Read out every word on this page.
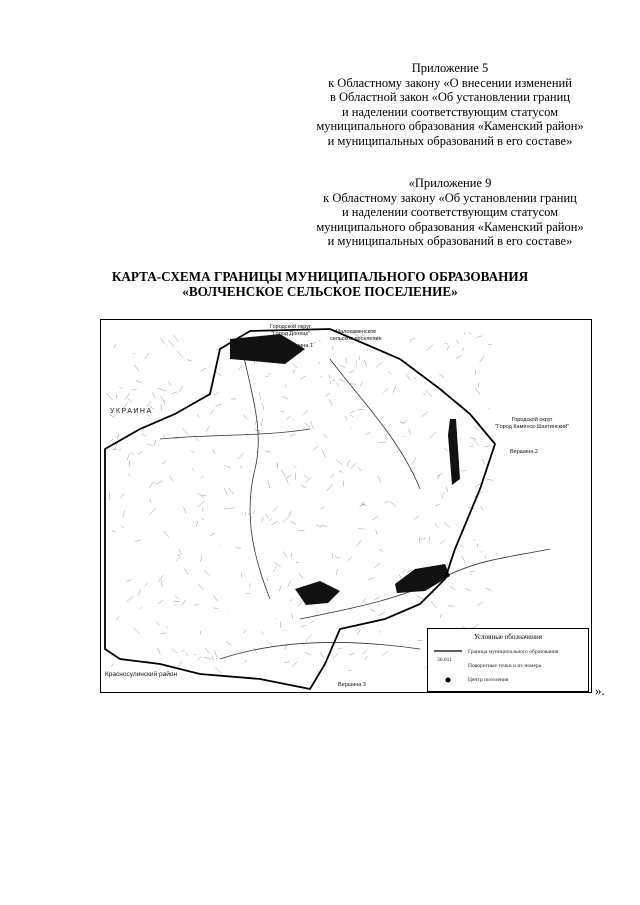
Приложение 5
к Областному закону «О внесении изменений
в Областной закон «Об установлении границ
и наделении соответствующим статусом
муниципального образования «Каменский район»
и муниципальных образований в его составе»
«Приложение 9
к Областному закону «Об установлении границ
и наделении соответствующим статусом
муниципального образования «Каменский район»
и муниципальных образований в его составе»
КАРТА-СХЕМА ГРАНИЦЫ МУНИЦИПАЛЬНОГО ОБРАЗОВАНИЯ
«ВОЛЧЕНСКОЕ СЕЛЬСКОЕ ПОСЕЛЕНИЕ»
Городской округ
"Город Донецк"
Вершина 1
Малокаменское
сельское поселение
УКРАИНА
Городской округ
"Город Каменск-Шахтинский"
Вершина 2
Вершина 3
Красносулинский район
Условные обозначения
36.011
Граница муниципального образования
Поворотные точки и их номера
Центр поселения
».
